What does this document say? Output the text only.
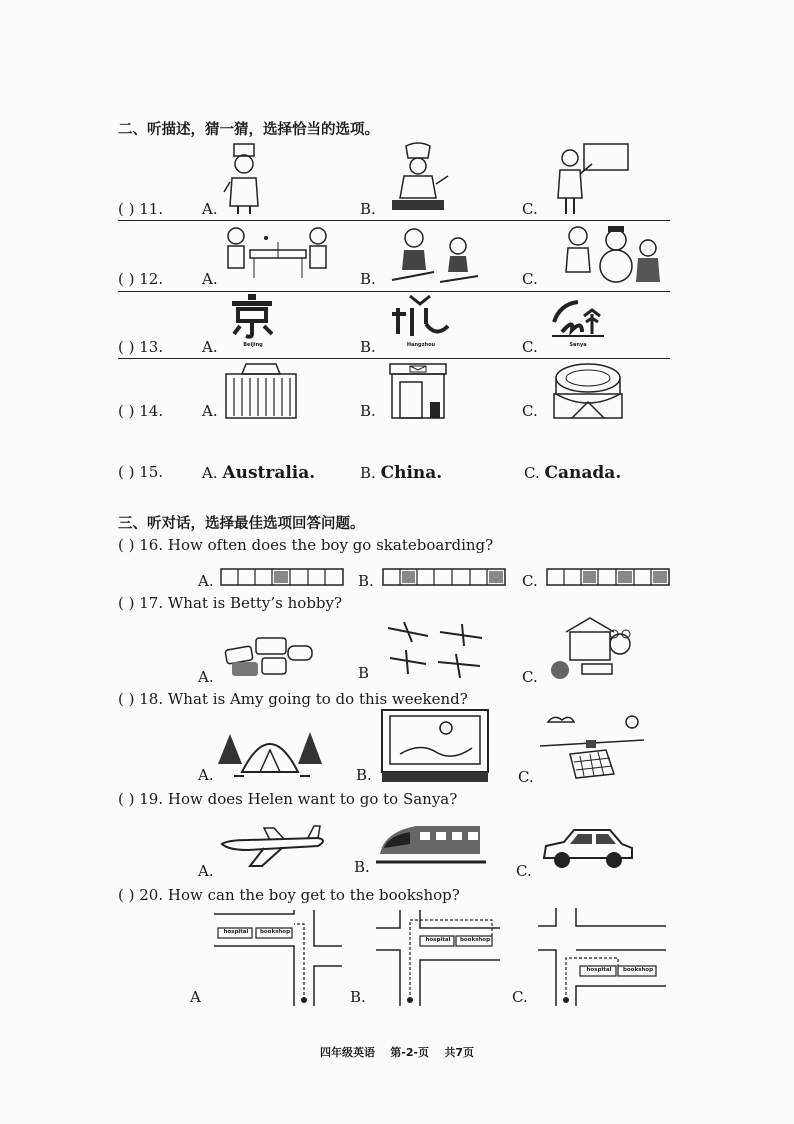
二、听描述，猜一猜，选择恰当的选项。
( ) 11.	A.	B.	C.
( ) 12.	A.	B.	C.
( ) 13.	A.	B.	C.
Beijing	Hangzhou	Sanya
( ) 14.	A.	B.	C.
( ) 15.	A. Australia.	B. China.	C. Canada.
三、听对话，选择最佳选项回答问题。
( ) 16. How often does the boy go skateboarding?
A.	B.	C.
( ) 17. What is Betty’s hobby?
A.	B	C.
( ) 18. What is Amy going to do this weekend?
A.	B.	C.
( ) 19. How does Helen want to go to Sanya?
A.	B.	C.
( ) 20. How can the boy get to the bookshop?
A	B.	C.
hospital	bookshop
hospital	bookshop
hospital	bookshop
四年级英语    第-2-页    共7页
